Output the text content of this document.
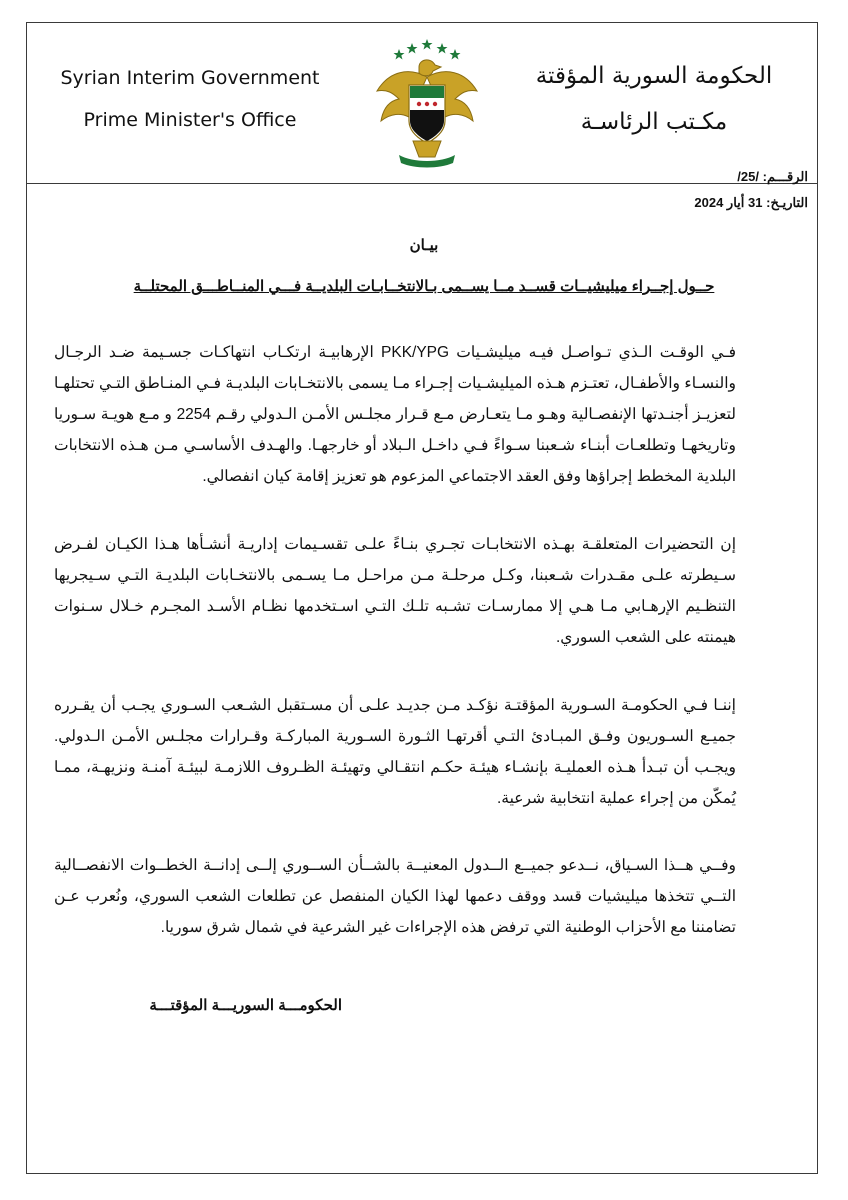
Syrian Interim Government
Prime Minister's Office
الحكومة السورية المؤقتة
مكـتب الرئاسـة
الرقـــم: /25/
التاريـخ: 31 أيار 2024
بيـان
حــول إجــراء ميليشيــات قســد مــا يســمى بـالانتخــابـات البلديــة فـــي المنــاطـــق المحتلــة

فـي الوقـت الـذي تـواصـل فيـه ميليشـيات PKK/YPG الإرهابيـة ارتكـاب انتهاكـات جسـيمة ضـد الرجـال والنسـاء والأطفـال، تعتـزم هـذه الميليشـيات إجـراء مـا يسمى بالانتخـابات البلديـة فـي المنـاطق التـي تحتلهـا لتعزيـز أجنـدتها الإنفصـالية وهـو مـا يتعـارض مـع قـرار مجلـس الأمـن الـدولي رقـم 2254 و مـع هويـة سـوريا وتاريخهـا وتطلعـات أبنـاء شـعبنا سـواءً فـي داخـل الـبلاد أو خارجهـا. والهـدف الأساسـي مـن هـذه الانتخابات البلدية المخطط إجراؤها وفق العقد الاجتماعي المزعوم هو تعزيز إقامة كيان انفصالي.

إن التحضيرات المتعلقـة بهـذه الانتخابـات تجـري بنـاءً علـى تقسـيمات إداريـة أنشـأها هـذا الكيـان لفـرض سـيطرته علـى مقـدرات شـعبنا، وكـل مرحلـة مـن مراحـل مـا يسـمى بالانتخـابات البلديـة التـي سـيجريها التنظـيم الإرهـابي مـا هـي إلا ممارسـات تشـبه تلـك التـي اسـتخدمها نظـام الأسـد المجـرم خـلال سـنوات هيمنته على الشعب السوري.

إننـا فـي الحكومـة السـورية المؤقتـة نؤكـد مـن جديـد علـى أن مسـتقبل الشـعب السـوري يجـب أن يقـرره جميـع السـوريون وفـق المبـادئ التـي أقرتهـا الثـورة السـورية المباركـة وقـرارات مجلـس الأمـن الـدولي. ويجـب أن تبـدأ هـذه العمليـة بإنشـاء هيئـة حكـم انتقـالي وتهيئـة الظـروف اللازمـة لبيئـة آمنـة ونزيهـة، ممـا يُمكّن من إجراء عملية انتخابية شرعية.

وفــي هــذا السـياق، نــدعو جميــع الــدول المعنيــة بالشــأن الســوري إلــى إدانــة الخطــوات الانفصــالية التــي تتخذها ميليشيات قسد ووقف دعمها لهذا الكيان المنفصل عن تطلعات الشعب السوري، ونُعرب عـن تضامننا مع الأحزاب الوطنية التي ترفض هذه الإجراءات غير الشرعية في شمال شرق سوريا.

الحكومـــة السوريـــة المؤقتـــة
